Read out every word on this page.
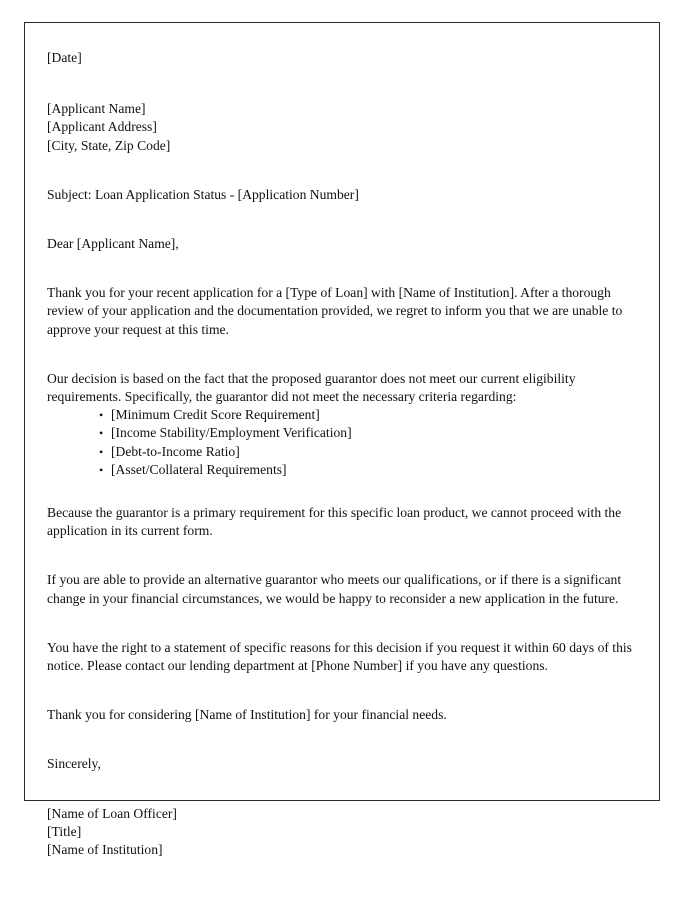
[Date]

[Applicant Name]
[Applicant Address]
[City, State, Zip Code]

Subject: Loan Application Status - [Application Number]

Dear [Applicant Name],

Thank you for your recent application for a [Type of Loan] with [Name of Institution]. After a thorough review of your application and the documentation provided, we regret to inform you that we are unable to approve your request at this time.

Our decision is based on the fact that the proposed guarantor does not meet our current eligibility requirements. Specifically, the guarantor did not meet the necessary criteria regarding:

• [Minimum Credit Score Requirement]
• [Income Stability/Employment Verification]
• [Debt-to-Income Ratio]
• [Asset/Collateral Requirements]

Because the guarantor is a primary requirement for this specific loan product, we cannot proceed with the application in its current form.

If you are able to provide an alternative guarantor who meets our qualifications, or if there is a significant change in your financial circumstances, we would be happy to reconsider a new application in the future.

You have the right to a statement of specific reasons for this decision if you request it within 60 days of this notice. Please contact our lending department at [Phone Number] if you have any questions.

Thank you for considering [Name of Institution] for your financial needs.

Sincerely,

[Name of Loan Officer]
[Title]
[Name of Institution]
